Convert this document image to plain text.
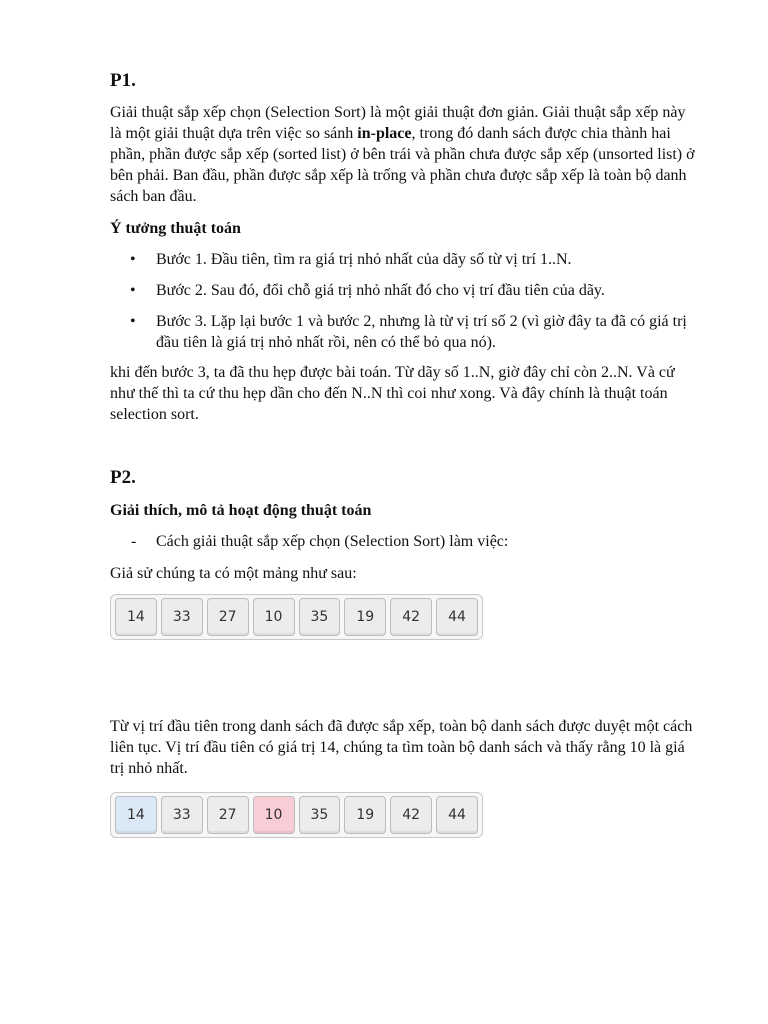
P1.

Giải thuật sắp xếp chọn (Selection Sort) là một giải thuật đơn giản. Giải thuật sắp xếp này là một giải thuật dựa trên việc so sánh in-place, trong đó danh sách được chia thành hai phần, phần được sắp xếp (sorted list) ở bên trái và phần chưa được sắp xếp (unsorted list) ở bên phải. Ban đầu, phần được sắp xếp là trống và phần chưa được sắp xếp là toàn bộ danh sách ban đầu.

Ý tưởng thuật toán

• Bước 1. Đầu tiên, tìm ra giá trị nhỏ nhất của dãy số từ vị trí 1..N.
• Bước 2. Sau đó, đổi chỗ giá trị nhỏ nhất đó cho vị trí đầu tiên của dãy.
• Bước 3. Lặp lại bước 1 và bước 2, nhưng là từ vị trí số 2 (vì giờ đây ta đã có giá trị đầu tiên là giá trị nhỏ nhất rồi, nên có thể bỏ qua nó).

khi đến bước 3, ta đã thu hẹp được bài toán. Từ dãy số 1..N, giờ đây chỉ còn 2..N. Và cứ như thế thì ta cứ thu hẹp dần cho đến N..N thì coi như xong. Và đây chính là thuật toán selection sort.

P2.

Giải thích, mô tả hoạt động thuật toán

- Cách giải thuật sắp xếp chọn (Selection Sort) làm việc:

Giả sử chúng ta có một mảng như sau:

14	33	27	10	35	19	42	44

Từ vị trí đầu tiên trong danh sách đã được sắp xếp, toàn bộ danh sách được duyệt một cách liên tục. Vị trí đầu tiên có giá trị 14, chúng ta tìm toàn bộ danh sách và thấy rằng 10 là giá trị nhỏ nhất.

14	33	27	10	35	19	42	44
